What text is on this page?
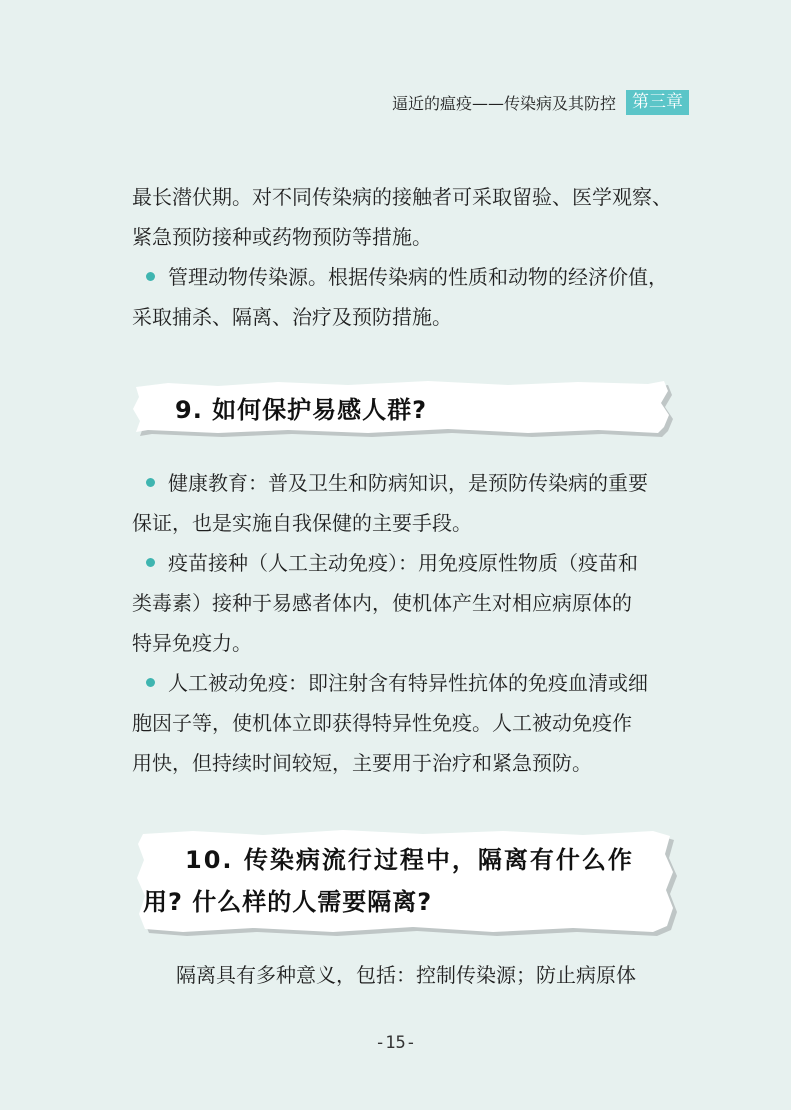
逼近的瘟疫——传染病及其防控 第三章

最长潜伏期。对不同传染病的接触者可采取留验、医学观察、

紧急预防接种或药物预防等措施。

管理动物传染源。根据传染病的性质和动物的经济价值，

采取捕杀、隔离、治疗及预防措施。

9. 如何保护易感人群?

健康教育：普及卫生和防病知识，是预防传染病的重要

保证，也是实施自我保健的主要手段。

疫苗接种（人工主动免疫）：用免疫原性物质（疫苗和

类毒素）接种于易感者体内，使机体产生对相应病原体的

特异免疫力。

人工被动免疫：即注射含有特异性抗体的免疫血清或细

胞因子等，使机体立即获得特异性免疫。人工被动免疫作

用快，但持续时间较短，主要用于治疗和紧急预防。

10. 传染病流行过程中，隔离有什么作
用? 什么样的人需要隔离?

隔离具有多种意义，包括：控制传染源；防止病原体

-15-
